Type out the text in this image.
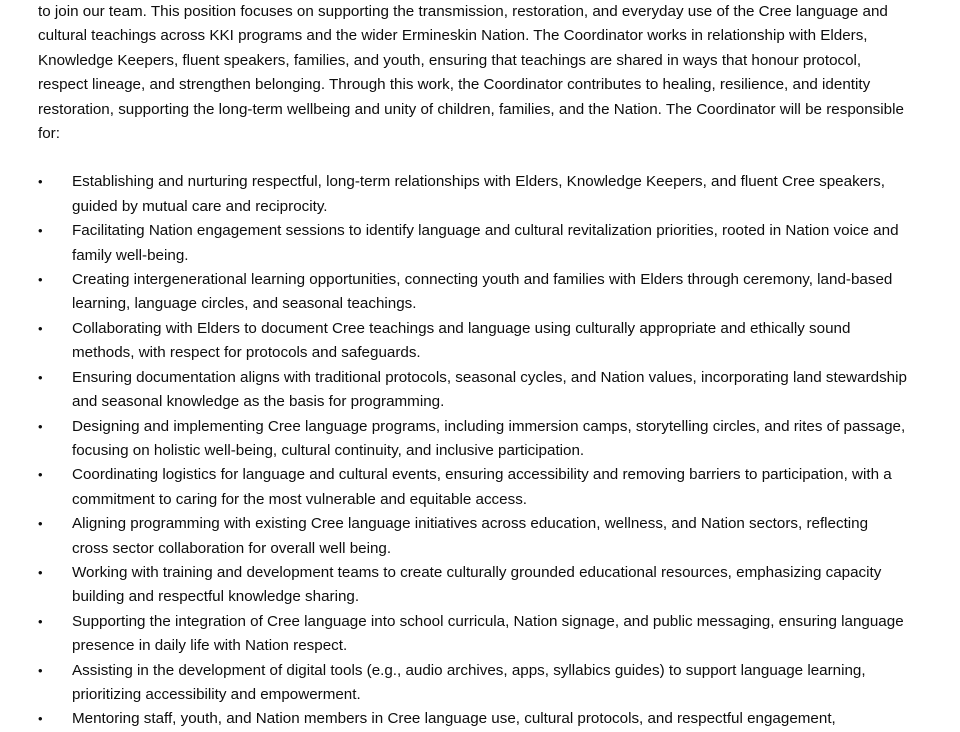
to join our team. This position focuses on supporting the transmission, restoration, and everyday use of the Cree language and cultural teachings across KKI programs and the wider Ermineskin Nation. The Coordinator works in relationship with Elders, Knowledge Keepers, fluent speakers, families, and youth, ensuring that teachings are shared in ways that honour protocol, respect lineage, and strengthen belonging. Through this work, the Coordinator contributes to healing, resilience, and identity restoration, supporting the long-term wellbeing and unity of children, families, and the Nation. The Coordinator will be responsible for:

• Establishing and nurturing respectful, long-term relationships with Elders, Knowledge Keepers, and fluent Cree speakers, guided by mutual care and reciprocity.
• Facilitating Nation engagement sessions to identify language and cultural revitalization priorities, rooted in Nation voice and family well-being.
• Creating intergenerational learning opportunities, connecting youth and families with Elders through ceremony, land-based learning, language circles, and seasonal teachings.
• Collaborating with Elders to document Cree teachings and language using culturally appropriate and ethically sound methods, with respect for protocols and safeguards.
• Ensuring documentation aligns with traditional protocols, seasonal cycles, and Nation values, incorporating land stewardship and seasonal knowledge as the basis for programming.
• Designing and implementing Cree language programs, including immersion camps, storytelling circles, and rites of passage, focusing on holistic well-being, cultural continuity, and inclusive participation.
• Coordinating logistics for language and cultural events, ensuring accessibility and removing barriers to participation, with a commitment to caring for the most vulnerable and equitable access.
• Aligning programming with existing Cree language initiatives across education, wellness, and Nation sectors, reflecting cross sector collaboration for overall well being.
• Working with training and development teams to create culturally grounded educational resources, emphasizing capacity building and respectful knowledge sharing.
• Supporting the integration of Cree language into school curricula, Nation signage, and public messaging, ensuring language presence in daily life with Nation respect.
• Assisting in the development of digital tools (e.g., audio archives, apps, syllabics guides) to support language learning, prioritizing accessibility and empowerment.
• Mentoring staff, youth, and Nation members in Cree language use, cultural protocols, and respectful engagement,
